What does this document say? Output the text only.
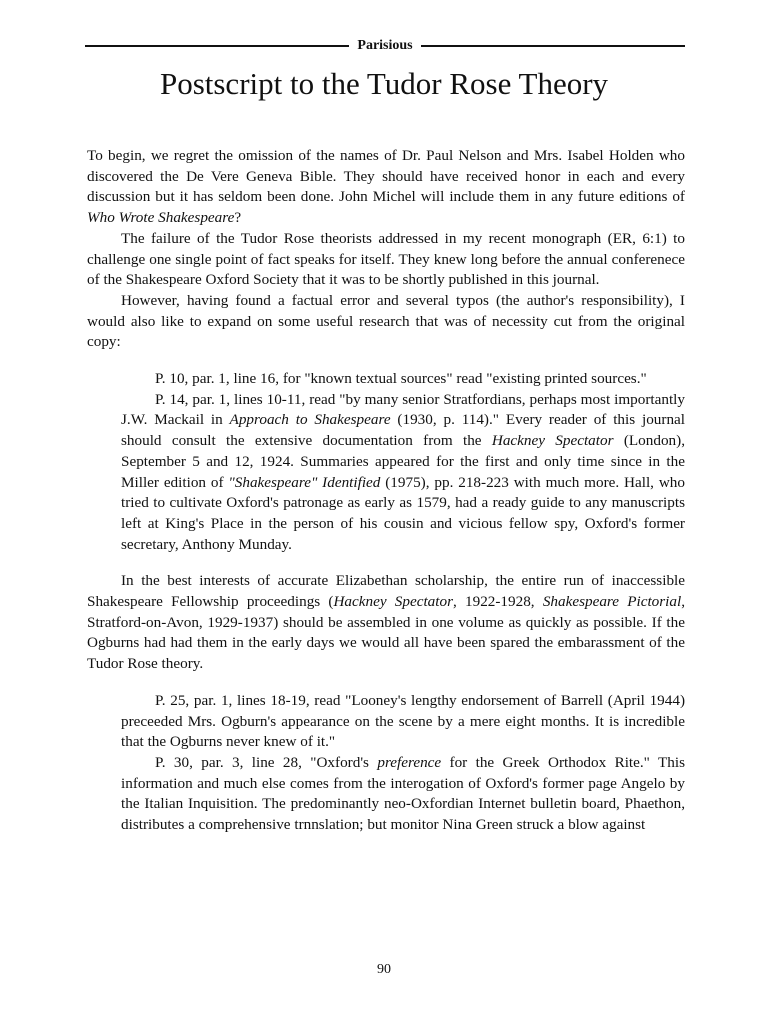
Parisious
Postscript to the Tudor Rose Theory

To begin, we regret the omission of the names of Dr. Paul Nelson and Mrs. Isabel Holden who discovered the De Vere Geneva Bible. They should have received honor in each and every discussion but it has seldom been done. John Michel will include them in any future editions of Who Wrote Shakespeare?

The failure of the Tudor Rose theorists addressed in my recent monograph (ER, 6:1) to challenge one single point of fact speaks for itself. They knew long before the annual conferenece of the Shakespeare Oxford Society that it was to be shortly published in this journal.

However, having found a factual error and several typos (the author's responsibility), I would also like to expand on some useful research that was of necessity cut from the original copy:

P. 10, par. 1, line 16, for "known textual sources" read "existing printed sources."

P. 14, par. 1, lines 10-11, read "by many senior Stratfordians, perhaps most importantly J.W. Mackail in Approach to Shakespeare (1930, p. 114)." Every reader of this journal should consult the extensive documentation from the Hackney Spectator (London), September 5 and 12, 1924. Summaries appeared for the first and only time since in the Miller edition of "Shakespeare" Identified (1975), pp. 218-223 with much more. Hall, who tried to cultivate Oxford's patronage as early as 1579, had a ready guide to any manuscripts left at King's Place in the person of his cousin and vicious fellow spy, Oxford's former secretary, Anthony Munday.

In the best interests of accurate Elizabethan scholarship, the entire run of inaccessible Shakespeare Fellowship proceedings (Hackney Spectator, 1922-1928, Shakespeare Pictorial, Stratford-on-Avon, 1929-1937) should be assembled in one volume as quickly as possible. If the Ogburns had had them in the early days we would all have been spared the embarassment of the Tudor Rose theory.

P. 25, par. 1, lines 18-19, read "Looney's lengthy endorsement of Barrell (April 1944) preceeded Mrs. Ogburn's appearance on the scene by a mere eight months. It is incredible that the Ogburns never knew of it."

P. 30, par. 3, line 28, "Oxford's preference for the Greek Orthodox Rite." This information and much else comes from the interogation of Oxford's former page Angelo by the Italian Inquisition. The predominantly neo-Oxfordian Internet bulletin board, Phaethon, distributes a comprehensive trnnslation; but monitor Nina Green struck a blow against

90
